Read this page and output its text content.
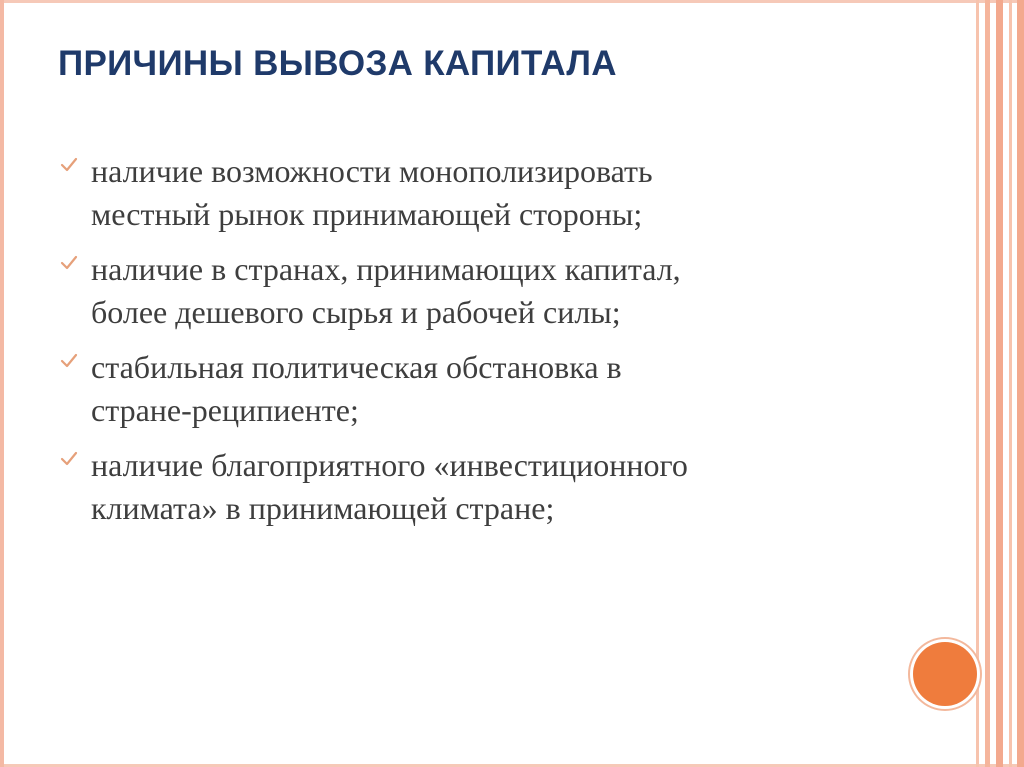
ПРИЧИНЫ ВЫВОЗА КАПИТАЛА
наличие возможности монополизировать
местный рынок принимающей стороны;
наличие в странах, принимающих капитал,
более дешевого сырья и рабочей силы;
стабильная политическая обстановка в
стране-реципиенте;
наличие благоприятного «инвестиционного
климата» в принимающей стране;
